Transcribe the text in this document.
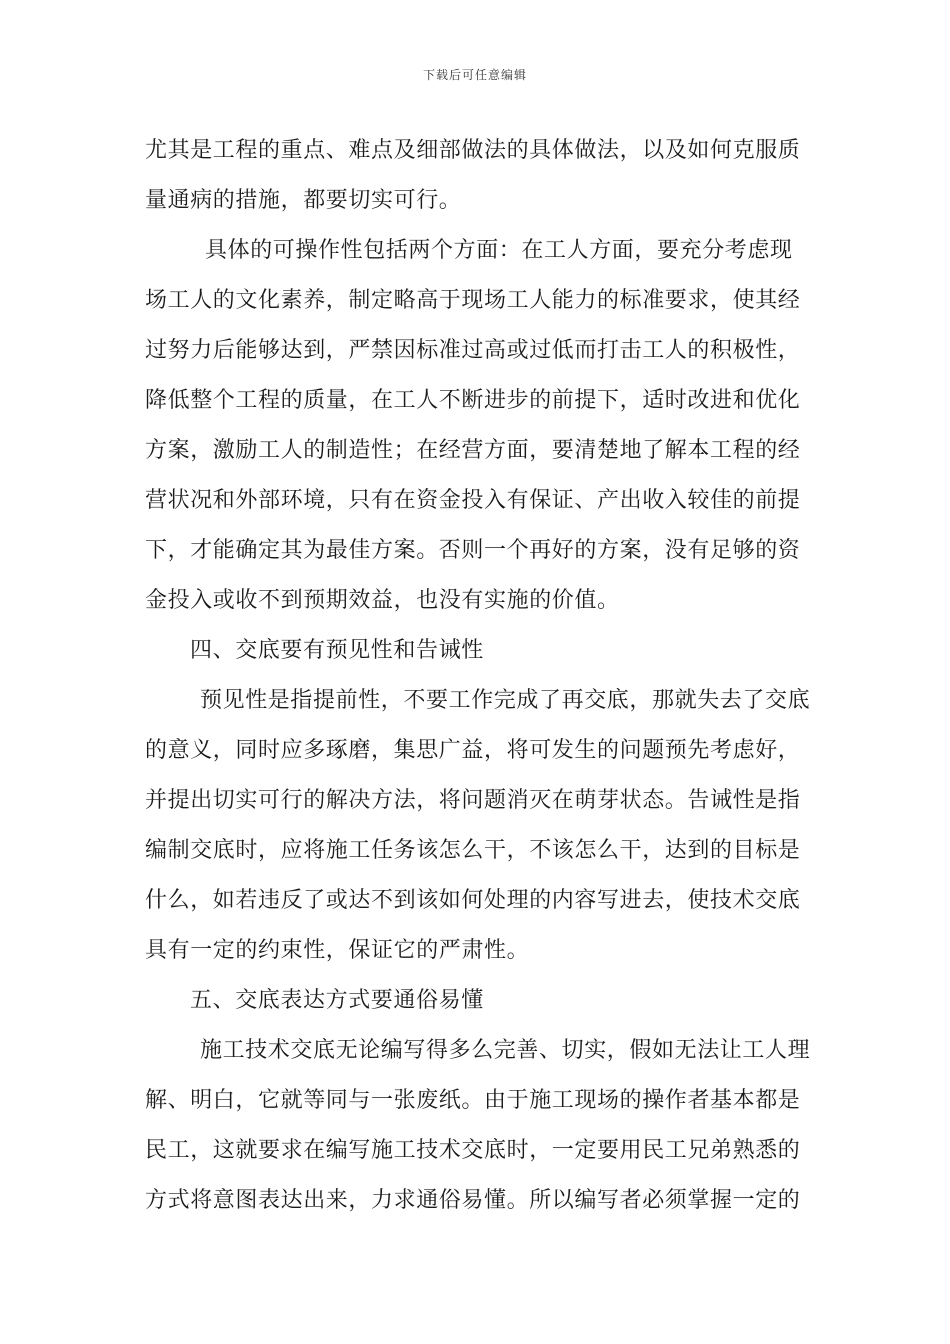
下载后可任意编辑
尤其是工程的重点、难点及细部做法的具体做法，以及如何克服质
量通病的措施，都要切实可行。
具体的可操作性包括两个方面：在工人方面，要充分考虑现
场工人的文化素养，制定略高于现场工人能力的标准要求，使其经
过努力后能够达到，严禁因标准过高或过低而打击工人的积极性，
降低整个工程的质量，在工人不断进步的前提下，适时改进和优化
方案，激励工人的制造性；在经营方面，要清楚地了解本工程的经
营状况和外部环境，只有在资金投入有保证、产出收入较佳的前提
下，才能确定其为最佳方案。否则一个再好的方案，没有足够的资
金投入或收不到预期效益，也没有实施的价值。
四、交底要有预见性和告诫性
预见性是指提前性，不要工作完成了再交底，那就失去了交底
的意义，同时应多琢磨，集思广益，将可发生的问题预先考虑好，
并提出切实可行的解决方法，将问题消灭在萌芽状态。告诫性是指
编制交底时，应将施工任务该怎么干，不该怎么干，达到的目标是
什么，如若违反了或达不到该如何处理的内容写进去，使技术交底
具有一定的约束性，保证它的严肃性。
五、交底表达方式要通俗易懂
施工技术交底无论编写得多么完善、切实，假如无法让工人理
解、明白，它就等同与一张废纸。由于施工现场的操作者基本都是
民工，这就要求在编写施工技术交底时，一定要用民工兄弟熟悉的
方式将意图表达出来，力求通俗易懂。所以编写者必须掌握一定的
